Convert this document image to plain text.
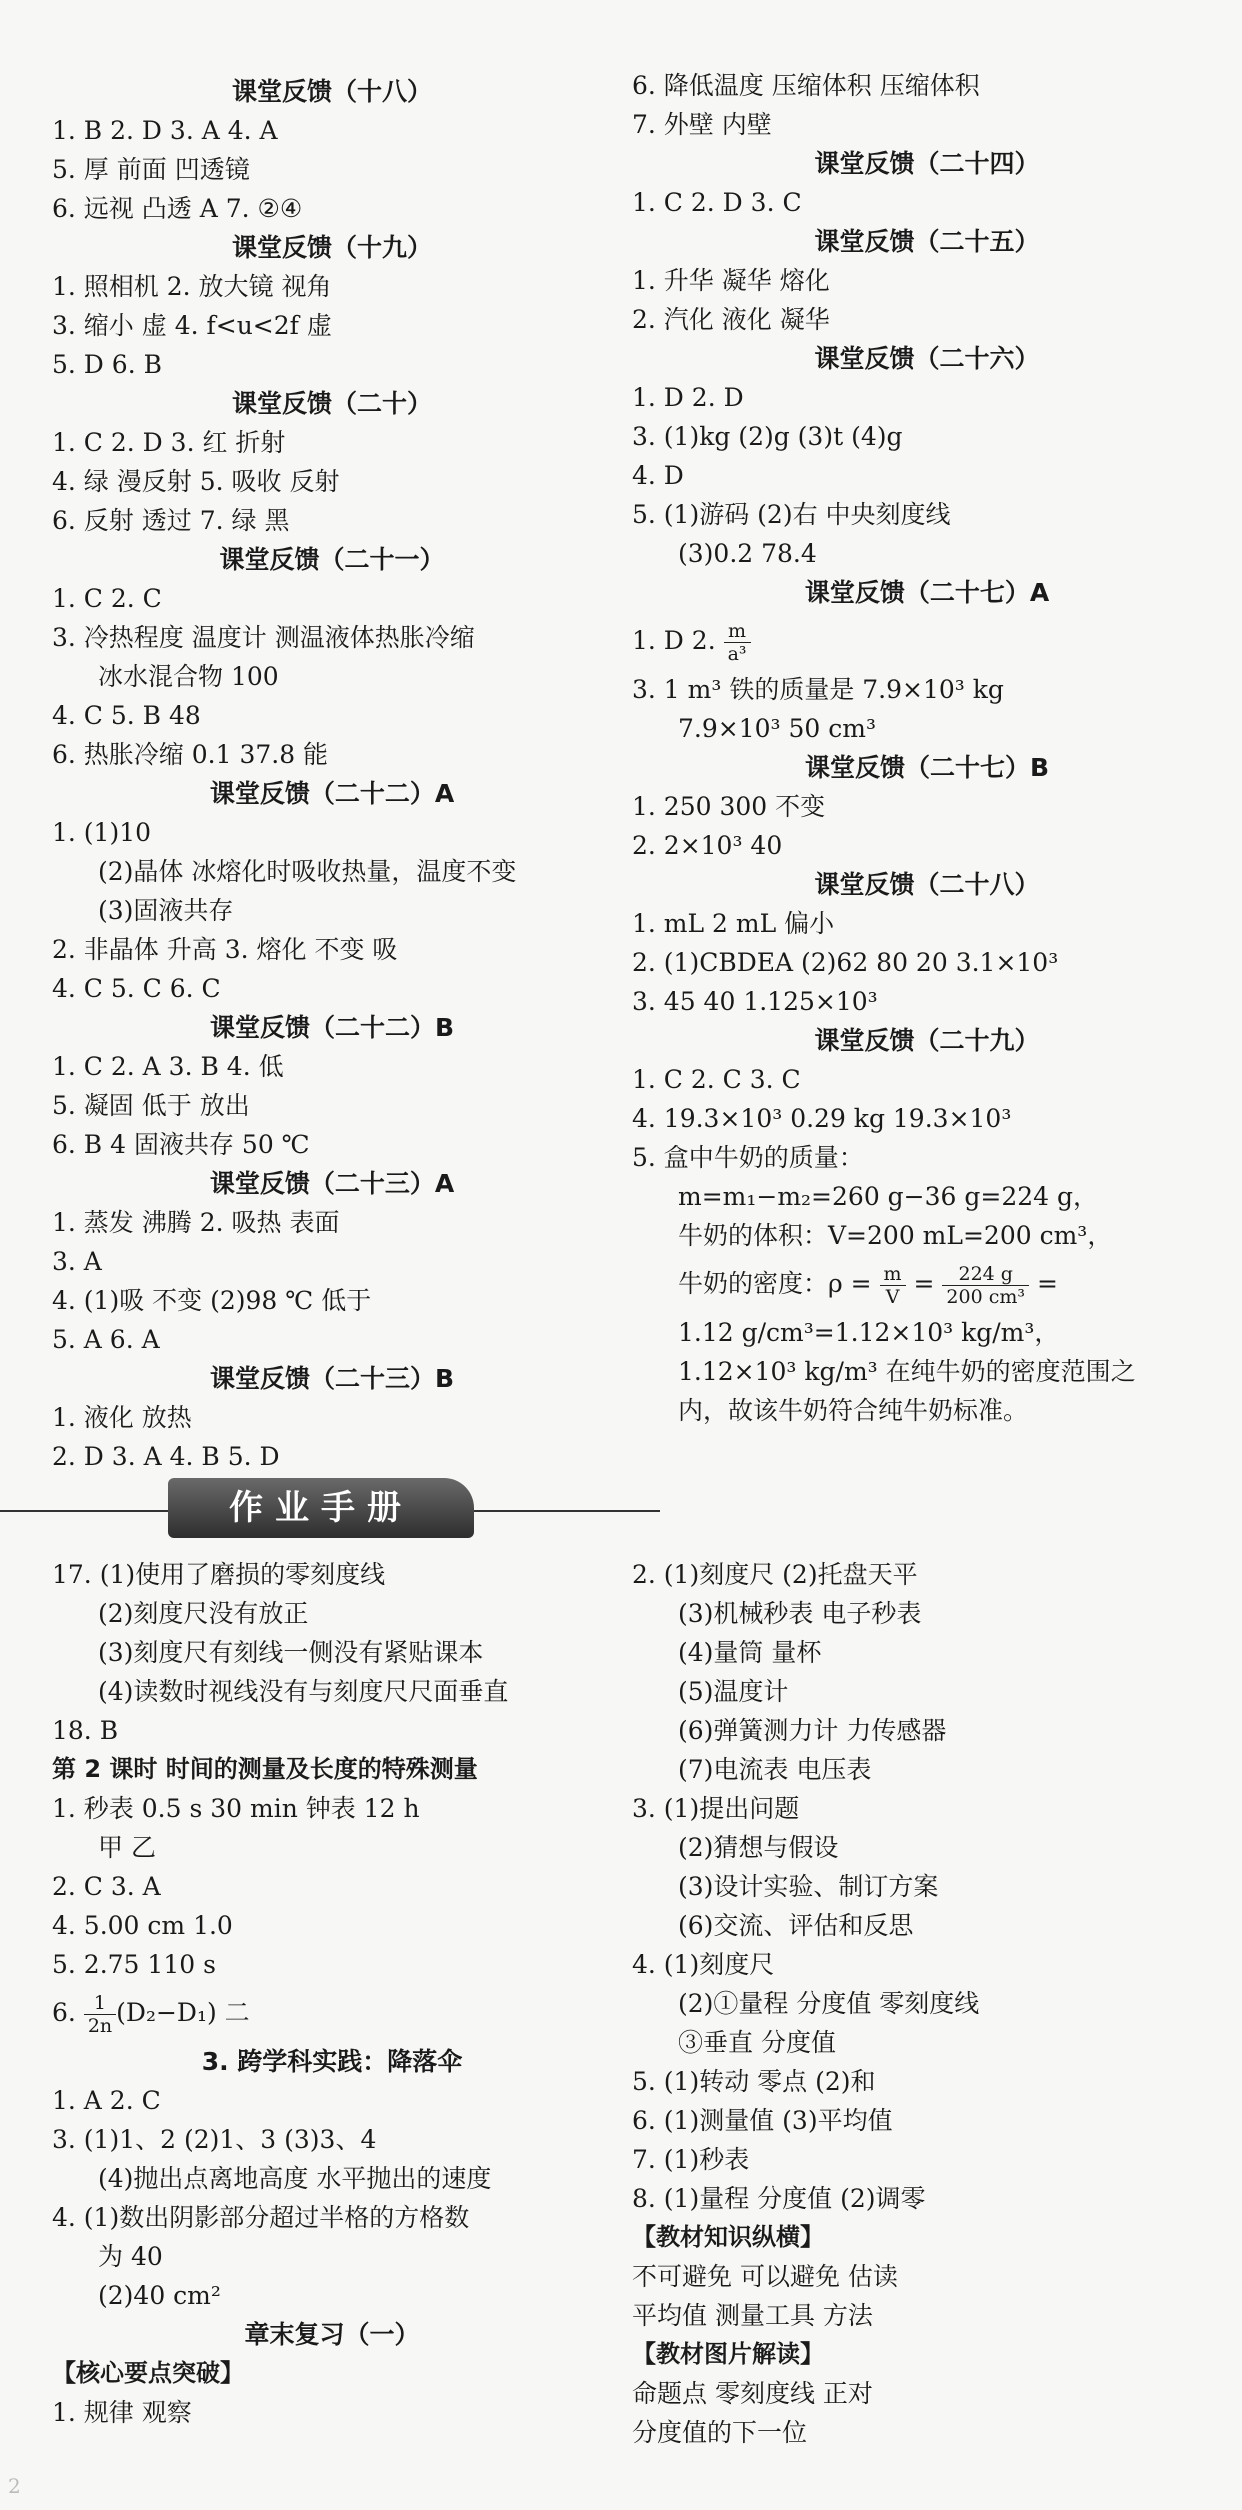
课堂反馈（十八）
1. B 2. D 3. A 4. A
5. 厚 前面 凹透镜
6. 远视 凸透 A 7. ②④
课堂反馈（十九）
1. 照相机 2. 放大镜 视角
3. 缩小 虚 4. f<u<2f 虚
5. D 6. B
课堂反馈（二十）
1. C 2. D 3. 红 折射
4. 绿 漫反射 5. 吸收 反射
6. 反射 透过 7. 绿 黑
课堂反馈（二十一）
1. C 2. C
3. 冷热程度 温度计 测温液体热胀冷缩
冰水混合物 100
4. C 5. B 48
6. 热胀冷缩 0.1 37.8 能
课堂反馈（二十二）A
1. (1)10
(2)晶体 冰熔化时吸收热量，温度不变
(3)固液共存
2. 非晶体 升高 3. 熔化 不变 吸
4. C 5. C 6. C
课堂反馈（二十二）B
1. C 2. A 3. B 4. 低
5. 凝固 低于 放出
6. B 4 固液共存 50 ℃
课堂反馈（二十三）A
1. 蒸发 沸腾 2. 吸热 表面
3. A
4. (1)吸 不变 (2)98 ℃ 低于
5. A 6. A
课堂反馈（二十三）B
1. 液化 放热
2. D 3. A 4. B 5. D
6. 降低温度 压缩体积 压缩体积
7. 外壁 内壁
课堂反馈（二十四）
1. C 2. D 3. C
课堂反馈（二十五）
1. 升华 凝华 熔化
2. 汽化 液化 凝华
课堂反馈（二十六）
1. D 2. D
3. (1)kg (2)g (3)t (4)g
4. D
5. (1)游码 (2)右 中央刻度线
(3)0.2 78.4
课堂反馈（二十七）A
1. D 2. $\frac{m}{\text{a³}}$
3. 1 m³ 铁的质量是 7.9×10³ kg
7.9×10³ 50 cm³
课堂反馈（二十七）B
1. 250 300 不变
2. 2×10³ 40
课堂反馈（二十八）
1. mL 2 mL 偏小
2. (1)CBDEA (2)62 80 20 3.1×10³
3. 45 40 1.125×10³
课堂反馈（二十九）
1. C 2. C 3. C
4. 19.3×10³ 0.29 kg 19.3×10³
5. 盒中牛奶的质量：
m=m₁−m₂=260 g−36 g=224 g，
牛奶的体积：V=200 mL=200 cm³，
牛奶的密度：$\rho = \frac{m}{V} = \frac{224 g}{\text{200 cm³}}$ =
1.12 g/cm³=1.12×10³ kg/m³，
1.12×10³ kg/m³ 在纯牛奶的密度范围之
内，故该牛奶符合纯牛奶标准。
作业手册
17. (1)使用了磨损的零刻度线
(2)刻度尺没有放正
(3)刻度尺有刻线一侧没有紧贴课本
(4)读数时视线没有与刻度尺尺面垂直
18. B
第 2 课时 时间的测量及长度的特殊测量
1. 秒表 0.5 s 30 min 钟表 12 h
甲 乙
2. C 3. A
4. 5.00 cm 1.0
5. 2.75 110 s
6. $\frac{1}{2n} (D_2-D_1)$ 二
3. 跨学科实践：降落伞
1. A 2. C
3. (1)1、2 (2)1、3 (3)3、4
(4)抛出点离地高度 水平抛出的速度
4. (1)数出阴影部分超过半格的方格数
为 40
(2)40 cm²
章末复习（一）
【核心要点突破】
1. 规律 观察
2. (1)刻度尺 (2)托盘天平
(3)机械秒表 电子秒表
(4)量筒 量杯
(5)温度计
(6)弹簧测力计 力传感器
(7)电流表 电压表
3. (1)提出问题
(2)猜想与假设
(3)设计实验、制订方案
(6)交流、评估和反思
4. (1)刻度尺
(2)①量程 分度值 零刻度线
③垂直 分度值
5. (1)转动 零点 (2)和
6. (1)测量值 (3)平均值
7. (1)秒表
8. (1)量程 分度值 (2)调零
【教材知识纵横】
不可避免 可以避免 估读
平均值 测量工具 方法
【教材图片解读】
命题点 零刻度线 正对
分度值的下一位
2
